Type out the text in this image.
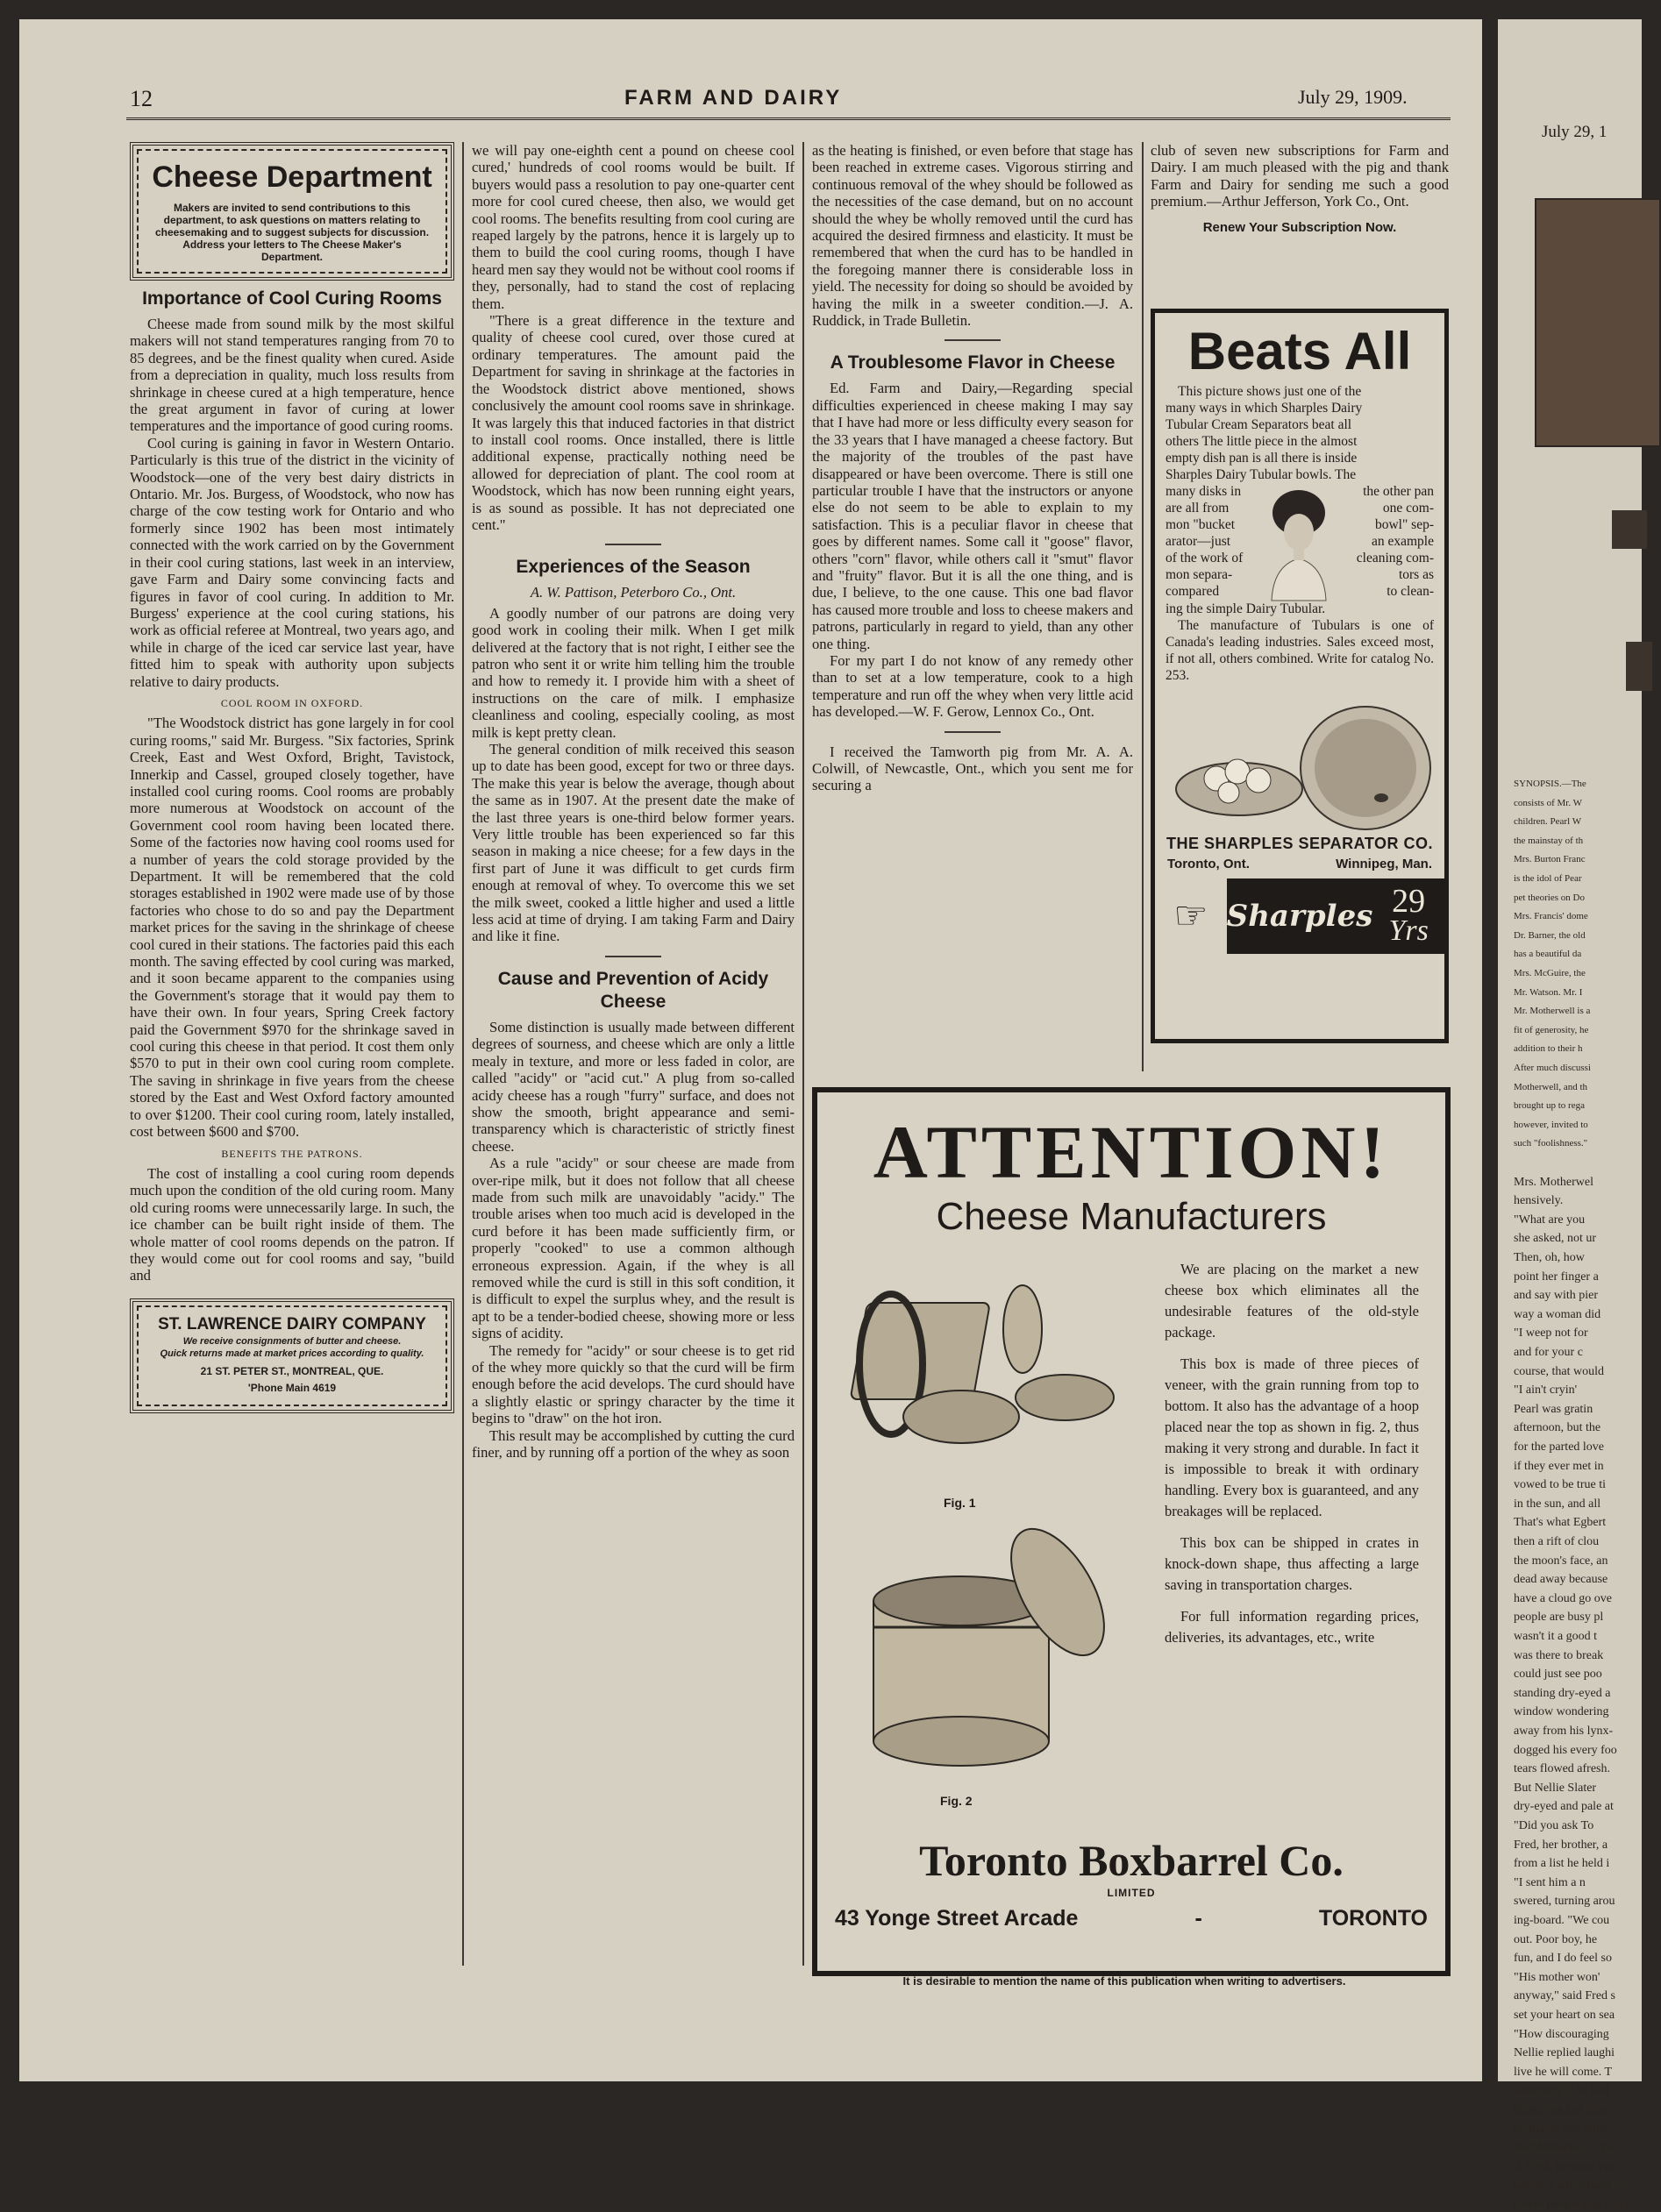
12	FARM AND DAIRY	July 29, 1909.
Cheese Department
Makers are invited to send contributions to this department, to ask questions on matters relating to cheesemaking and to suggest subjects for discussion. Address your letters to The Cheese Maker's Department.
Importance of Cool Curing Rooms

Cheese made from sound milk by the most skilful makers will not stand temperatures ranging from 70 to 85 degrees, and be the finest quality when cured. Aside from a depreciation in quality, much loss results from shrinkage in cheese cured at a high temperature, hence the great argument in favor of curing at lower temperatures and the importance of good curing rooms.

Cool curing is gaining in favor in Western Ontario. Particularly is this true of the district in the vicinity of Woodstock—one of the very best dairy districts in Ontario. Mr. Jos. Burgess, of Woodstock, who now has charge of the cow testing work for Ontario and who formerly since 1902 has been most intimately connected with the work carried on by the Government in their cool curing stations, last week in an interview, gave Farm and Dairy some convincing facts and figures in favor of cool curing. In addition to Mr. Burgess' experience at the cool curing stations, his work as official referee at Montreal, two years ago, and while in charge of the iced car service last year, have fitted him to speak with authority upon subjects relative to dairy products.

COOL ROOM IN OXFORD.

"The Woodstock district has gone largely in for cool curing rooms," said Mr. Burgess. "Six factories, Sprink Creek, East and West Oxford, Bright, Tavistock, Innerkip and Cassel, grouped closely together, have installed cool curing rooms. Cool rooms are probably more numerous at Woodstock on account of the Government cool room having been located there. Some of the factories now having cool rooms used for a number of years the cold storage provided by the Department. It will be remembered that the cold storages established in 1902 were made use of by those factories who chose to do so and pay the Department market prices for the saving in the shrinkage of cheese cool cured in their stations. The factories paid this each month. The saving effected by cool curing was marked, and it soon became apparent to the companies using the Government's storage that it would pay them to have their own. In four years, Spring Creek factory paid the Government $970 for the shrinkage saved in cool curing this cheese in that period. It cost them only $570 to put in their own cool curing room complete. The saving in shrinkage in five years from the cheese stored by the East and West Oxford factory amounted to over $1200. Their cool curing room, lately installed, cost between $600 and $700.

BENEFITS THE PATRONS.

The cost of installing a cool curing room depends much upon the condition of the old curing room. Many old curing rooms were unnecessarily large. In such, the ice chamber can be built right inside of them. The whole matter of cool rooms depends on the patron. If they would come out for cool rooms and say, "build and

ST. LAWRENCE DAIRY COMPANY
We receive consignments of butter and cheese.
Quick returns made at market prices according to quality.
21 ST. PETER ST., MONTREAL, QUE.
'Phone Main 4619

we will pay one-eighth cent a pound on cheese cool cured,' hundreds of cool rooms would be built. If buyers would pass a resolution to pay one-quarter cent more for cool cured cheese, then also, we would get cool rooms. The benefits resulting from cool curing are reaped largely by the patrons, hence it is largely up to them to build the cool curing rooms, though I have heard men say they would not be without cool rooms if they, personally, had to stand the cost of replacing them.

"There is a great difference in the texture and quality of cheese cool cured, over those cured at ordinary temperatures. The amount paid the Department for saving in shrinkage at the factories in the Woodstock district above mentioned, shows conclusively the amount cool rooms save in shrinkage. It was largely this that induced factories in that district to install cool rooms. Once installed, there is little additional expense, practically nothing need be allowed for depreciation of plant. The cool room at Woodstock, which has now been running eight years, is as sound as possible. It has not depreciated one cent."

Experiences of the Season
A. W. Pattison, Peterboro Co., Ont.

A goodly number of our patrons are doing very good work in cooling their milk. When I get milk delivered at the factory that is not right, I either see the patron who sent it or write him telling him the trouble and how to remedy it. I provide him with a sheet of instructions on the care of milk. I emphasize cleanliness and cooling, especially cooling, as most milk is kept pretty clean.

The general condition of milk received this season up to date has been good, except for two or three days. The make this year is below the average, though about the same as in 1907. At the present date the make of the last three years is one-third below former years. Very little trouble has been experienced so far this season in making a nice cheese; for a few days in the first part of June it was difficult to get curds firm enough at removal of whey. To overcome this we set the milk sweet, cooked a little higher and used a little less acid at time of drying. I am taking Farm and Dairy and like it fine.

Cause and Prevention of Acidy Cheese

Some distinction is usually made between different degrees of sourness, and cheese which are only a little mealy in texture, and more or less faded in color, are called "acidy" or "acid cut." A plug from so-called acidy cheese has a rough "furry" surface, and does not show the smooth, bright appearance and semi-transparency which is characteristic of strictly finest cheese.

As a rule "acidy" or sour cheese are made from over-ripe milk, but it does not follow that all cheese made from such milk are unavoidably "acidy." The trouble arises when too much acid is developed in the curd before it has been made sufficiently firm, or properly "cooked" to use a common although erroneous expression. Again, if the whey is all removed while the curd is still in this soft condition, it is difficult to expel the surplus whey, and the result is apt to be a tender-bodied cheese, showing more or less signs of acidity.

The remedy for "acidy" or sour cheese is to get rid of the whey more quickly so that the curd will be firm enough before the acid develops. The curd should have a slightly elastic or springy character by the time it begins to "draw" on the hot iron.

This result may be accomplished by cutting the curd finer, and by running off a portion of the whey as soon

as the heating is finished, or even before that stage has been reached in extreme cases. Vigorous stirring and continuous removal of the whey should be followed as the necessities of the case demand, but on no account should the whey be wholly removed until the curd has acquired the desired firmness and elasticity. It must be remembered that when the curd has to be handled in the foregoing manner there is considerable loss in yield. The necessity for doing so should be avoided by having the milk in a sweeter condition.—J. A. Ruddick, in Trade Bulletin.

A Troublesome Flavor in Cheese

Ed. Farm and Dairy,—Regarding special difficulties experienced in cheese making I may say that I have had more or less difficulty every season for the 33 years that I have managed a cheese factory. But the majority of the troubles of the past have disappeared or have been overcome. There is still one particular trouble I have that the instructors or anyone else do not seem to be able to explain to my satisfaction. This is a peculiar flavor in cheese that goes by different names. Some call it "goose" flavor, others "corn" flavor, while others call it "smut" flavor and "fruity" flavor. But it is all the one thing, and is due, I believe, to the one cause. This one bad flavor has caused more trouble and loss to cheese makers and patrons, particularly in regard to yield, than any other one thing.

For my part I do not know of any remedy other than to set at a low temperature, cook to a high temperature and run off the whey when very little acid has developed.—W. F. Gerow, Lennox Co., Ont.

I received the Tamworth pig from Mr. A. A. Colwill, of Newcastle, Ont., which you sent me for securing a

club of seven new subscriptions for Farm and Dairy. I am much pleased with the pig and thank Farm and Dairy for sending me such a good premium.—Arthur Jefferson, York Co., Ont.

Renew Your Subscription Now.
Beats All
This picture shows just one of the
many ways in which Sharples Dairy
Tubular Cream Separators beat all
others The little piece in the almost
empty dish pan is all there is inside
Sharples Dairy Tubular bowls. The
many disks in
are all from
mon "bucket
arator—just
of the work of
mon separa-
compared
the other pan
one com-
bowl" sep-
an example
cleaning com-
tors as
to clean-
ing the simple Dairy Tubular.
The manufacture of Tubulars is one of Canada's leading industries. Sales exceed most, if not all, others combined. Write for catalog No. 253.
THE SHARPLES SEPARATOR CO.
Toronto, Ont.	Winnipeg, Man.
☞ Sharples 29
Yrs
ATTENTION!
Cheese Manufacturers
Fig. 1
Fig. 2

We are placing on the market a new cheese box which eliminates all the undesirable features of the old-style package.

This box is made of three pieces of veneer, with the grain running from top to bottom. It also has the advantage of a hoop placed near the top as shown in fig. 2, thus making it very strong and durable. In fact it is impossible to break it with ordinary handling. Every box is guaranteed, and any breakages will be replaced.

This box can be shipped in crates in knock-down shape, thus affecting a large saving in transportation charges.

For full information regarding prices, deliveries, its advantages, etc., write

Toronto Boxbarrel Co.
LIMITED
43 Yonge Street Arcade	-	TORONTO
It is desirable to mention the name of this publication when writing to advertisers.
July 29, 1
SYNOPSIS.—The
consists of Mr. W
children. Pearl W
the mainstay of th
Mrs. Burton Franc
is the idol of Pear
pet theories on Do
Mrs. Francis' dome
Dr. Barner, the old
has a beautiful da
Mrs. McGuire, the
Mr. Watson. Mr. I
Mr. Motherwell is a
fit of generosity, he
addition to their h
After much discussi
Motherwell, and th
brought up to rega
however, invited to
such "foolishness."
Mrs. Motherwel
hensively.
"What are you
she asked, not ur
Then, oh, how
point her finger a
and say with pier
way a woman did
"I weep not for
and for your c
course, that would
"I ain't cryin'
Pearl was gratin
afternoon, but the
for the parted love
if they ever met in
vowed to be true ti
in the sun, and all
That's what Egbert
then a rift of clou
the moon's face, an
dead away because
have a cloud go ove
people are busy pl
wasn't it a good t
was there to break
could just see poo
standing dry-eyed a
window wondering
away from his lynx-
dogged his every foo
tears flowed afresh.
But Nellie Slater
dry-eyed and pale at
"Did you ask To
Fred, her brother, a
from a list he held i
"I sent him a n
swered, turning arou
ing-board. "We cou
out. Poor boy, he
fun, and I do feel so
"His mother won'
anyway," said Fred s
set your heart on sea
"How discouraging
Nellie replied laughi
live he will come. T
smart boy if he had
think. But just thin
be like to live with
the Motherwells. You
it, Fred, because you
superior advantages o
clever people like you
